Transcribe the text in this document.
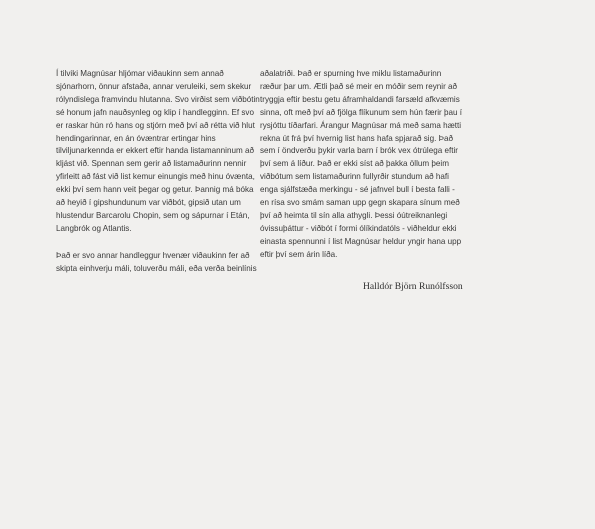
Í tilviki Magnúsar hljómar viðaukinn sem annað
sjónarhorn, önnur afstaða, annar veruleiki, sem skekur
rólyndislega framvindu hlutanna. Svo virðist sem viðbótin
sé honum jafn nauðsynleg og klip í handlegginn. Ef svo
er raskar hún ró hans og stjórn með því að rétta við hlut
hendingarinnar, en án óvæntrar ertingar hins
tilviljunarkennda er ekkert eftir handa listamanninum að
kljást við. Spennan sem gerir að listamaðurinn nennir
yfirleitt að fást við list kemur einungis með hinu óvænta,
ekki því sem hann veit þegar og getur. Þannig má bóka
að heyið í gipshundunum var viðbót, gipsið utan um
hlustendur Barcarolu Chopin, sem og sápurnar í Etán,
Langbrók og Atlantis.

Það er svo annar handleggur hvenær viðaukinn fer að
skipta einhverju máli, toluverðu máli, eða verða beinlínis

aðalatriði. Það er spurning hve miklu listamaðurinn
ræður þar um. Ætli það sé meir en móðir sem reynir að
tryggja eftir bestu getu áframhaldandi farsæld afkvæmis
sinna, oft með því að fjölga flíkunum sem hún færir þau í
rysjóttu tíðarfari. Árangur Magnúsar má með sama hætti
rekna út frá því hvernig list hans hafa spjarað sig. Það
sem í öndverðu þykir varla barn í brók vex ótrúlega eftir
því sem á líður. Það er ekki síst að þakka öllum þeim
viðbótum sem listamaðurinn fullyrðir stundum að hafi
enga sjálfstæða merkingu - sé jafnvel bull í besta falli -
en rísa svo smám saman upp gegn skapara sínum með
því að heimta til sín alla athygli. Þessi óútreiknanlegi
óvissuþáttur - viðbót í formi ólíkindatóls - viðheldur ekki
einasta spennunni í list Magnúsar heldur yngir hana upp
eftir því sem árin líða.

Halldór Björn Runólfsson
